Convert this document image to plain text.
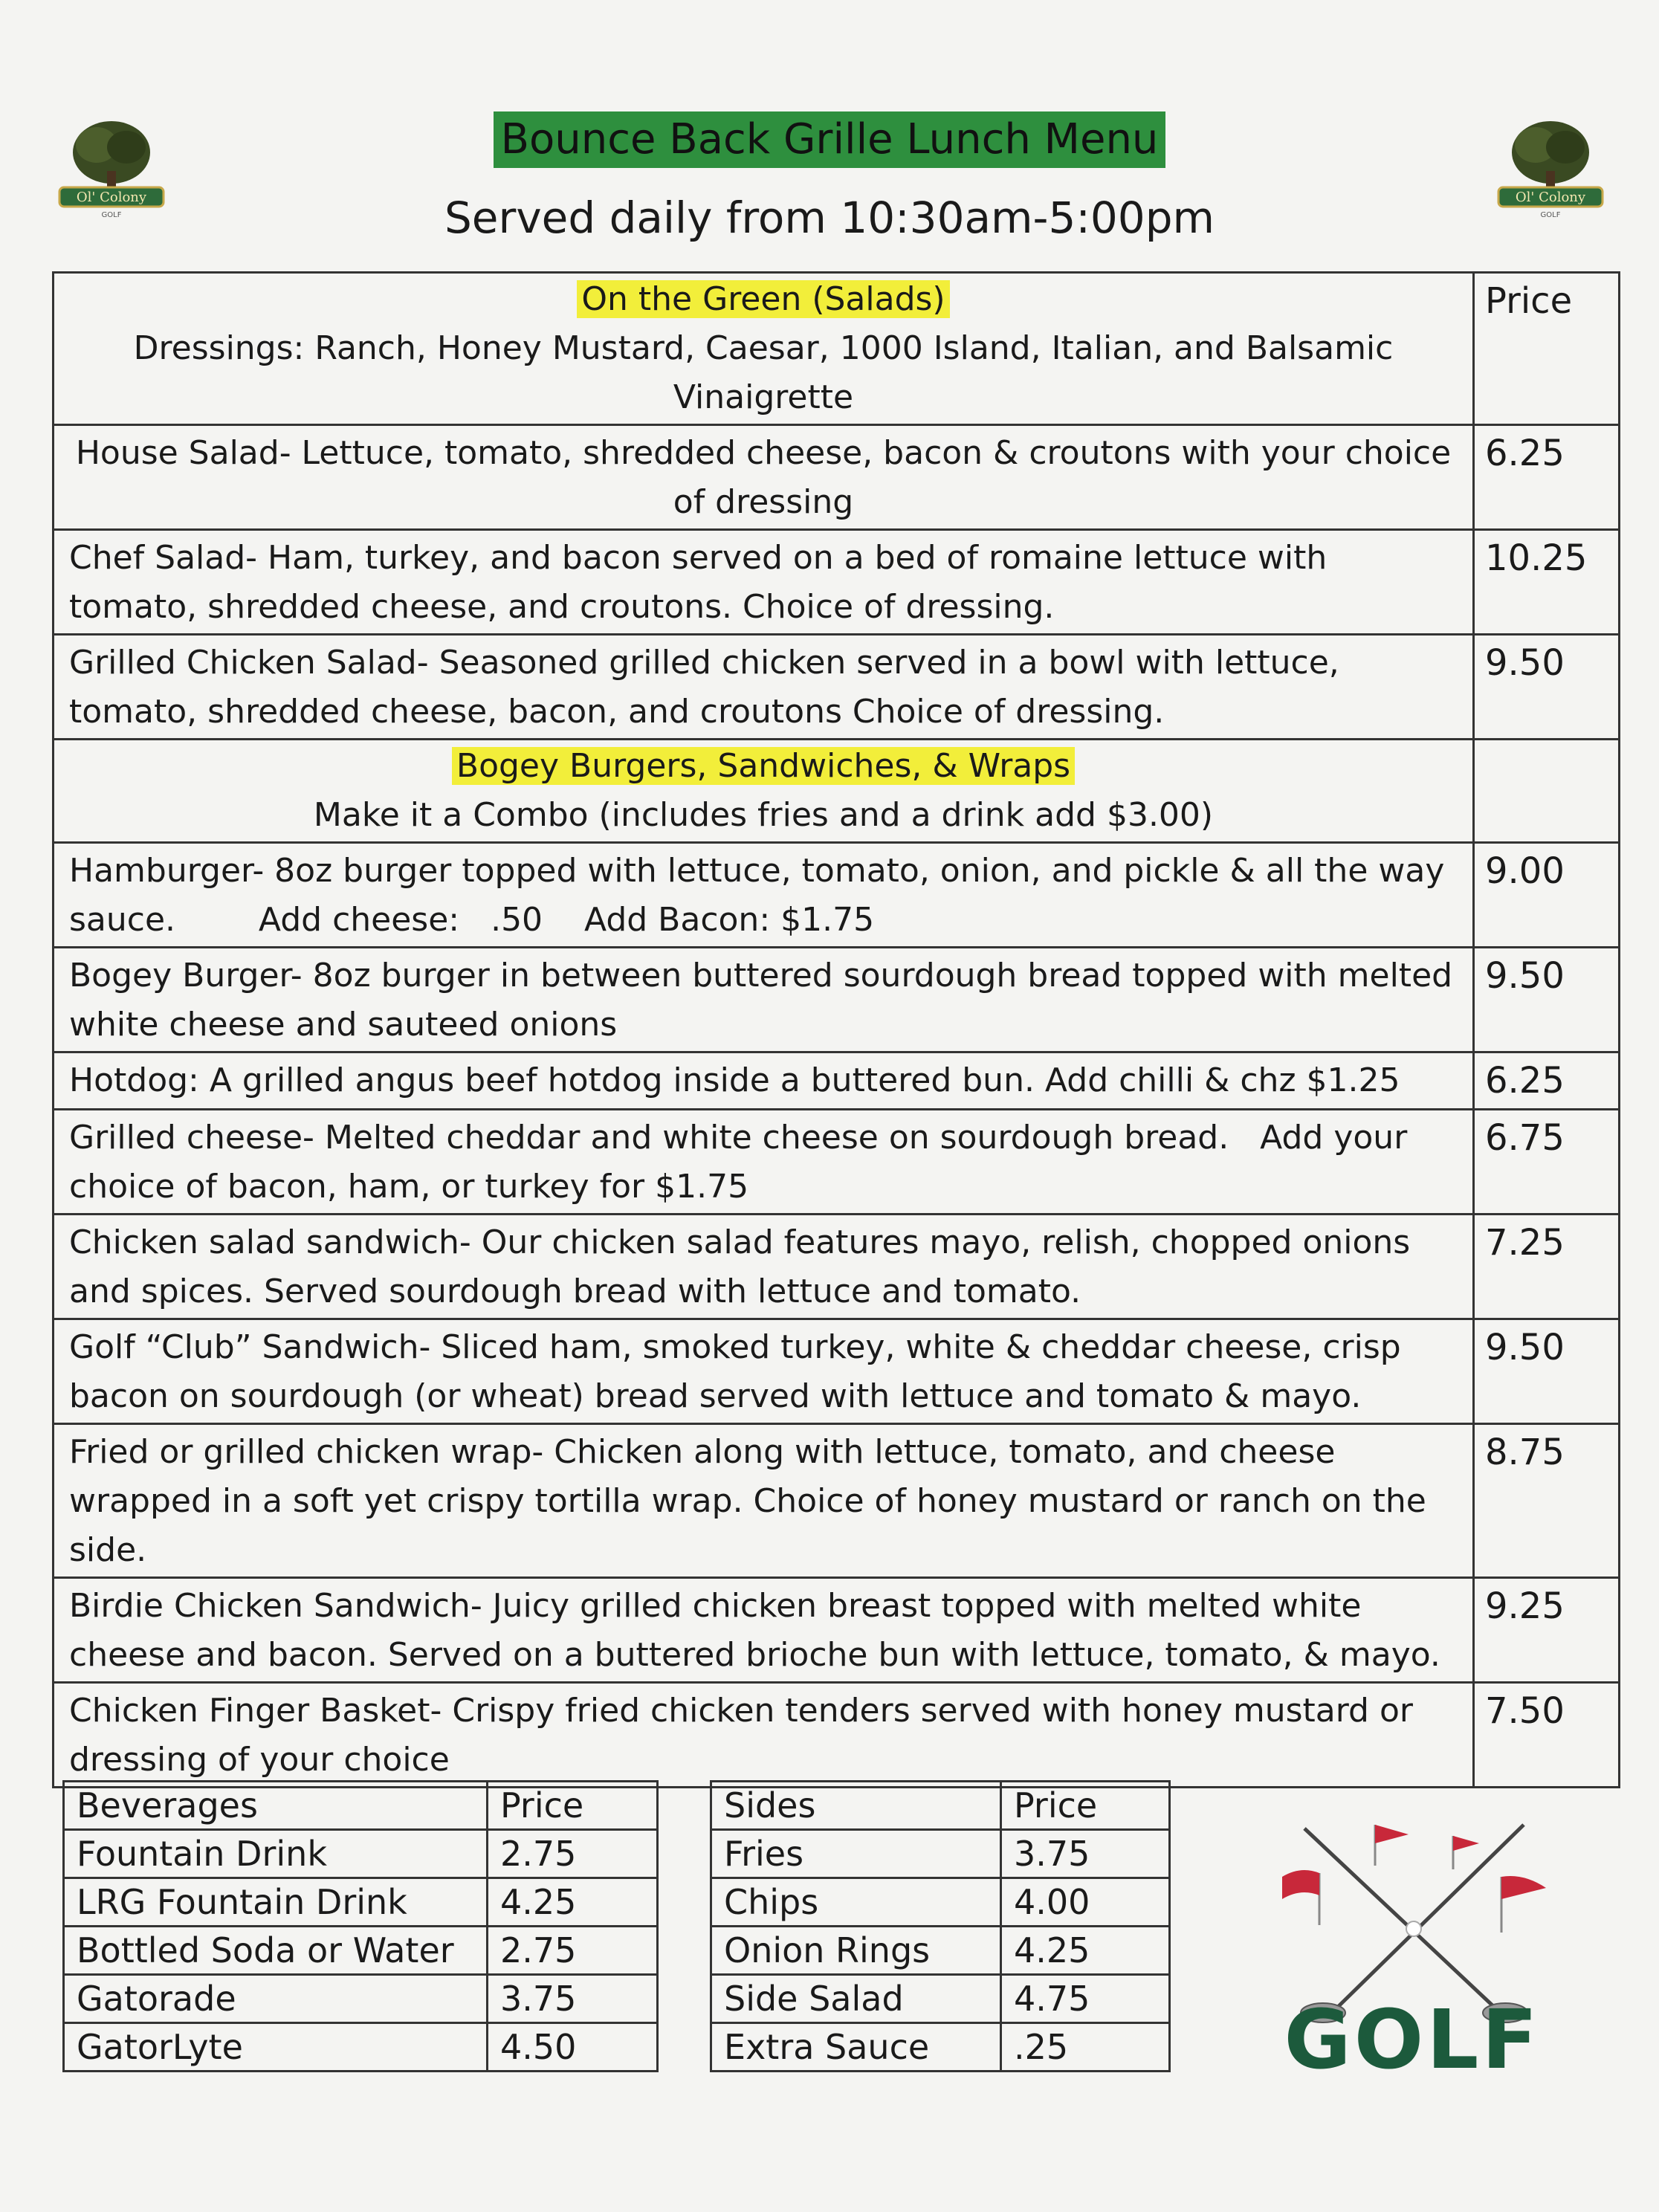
Ol' Colony
GOLF
Ol' Colony
GOLF
Bounce Back Grille Lunch Menu
Served daily from 10:30am-5:00pm
On the Green (Salads)
Dressings: Ranch, Honey Mustard, Caesar, 1000 Island, Italian, and Balsamic Vinaigrette	Price
House Salad- Lettuce, tomato, shredded cheese, bacon & croutons with your choice of dressing	6.25
Chef Salad- Ham, turkey, and bacon served on a bed of romaine lettuce with tomato, shredded cheese, and croutons. Choice of dressing.	10.25
Grilled Chicken Salad- Seasoned grilled chicken served in a bowl with lettuce, tomato, shredded cheese, bacon, and croutons Choice of dressing.	9.50

Bogey Burgers, Sandwiches, & Wraps
Make it a Combo (includes fries and a drink add $3.00)	

Hamburger- 8oz burger topped with lettuce, tomato, onion, and pickle & all the way sauce.        Add cheese:   .50    Add Bacon: $1.75	9.00
Bogey Burger- 8oz burger in between buttered sourdough bread topped with melted white cheese and sauteed onions	9.50
Hotdog: A grilled angus beef hotdog inside a buttered bun. Add chilli & chz $1.25	6.25
Grilled cheese- Melted cheddar and white cheese on sourdough bread.   Add your choice of bacon, ham, or turkey for $1.75	6.75
Chicken salad sandwich- Our chicken salad features mayo, relish, chopped onions and spices. Served sourdough bread with lettuce and tomato.	7.25
Golf “Club” Sandwich- Sliced ham, smoked turkey, white & cheddar cheese, crisp bacon on sourdough (or wheat) bread served with lettuce and tomato & mayo.	9.50
Fried or grilled chicken wrap- Chicken along with lettuce, tomato, and cheese wrapped in a soft yet crispy tortilla wrap. Choice of honey mustard or ranch on the side.	8.75
Birdie Chicken Sandwich- Juicy grilled chicken breast topped with melted white cheese and bacon. Served on a buttered brioche bun with lettuce, tomato, & mayo.	9.25
Chicken Finger Basket- Crispy fried chicken tenders served with honey mustard or dressing of your choice	7.50
Beverages	Price
Fountain Drink	2.75
LRG Fountain Drink	4.25
Bottled Soda or Water	2.75
Gatorade	3.75
GatorLyte	4.50
Sides	Price
Fries	3.75
Chips	4.00
Onion Rings	4.25
Side Salad	4.75
Extra Sauce	.25	GOLF
